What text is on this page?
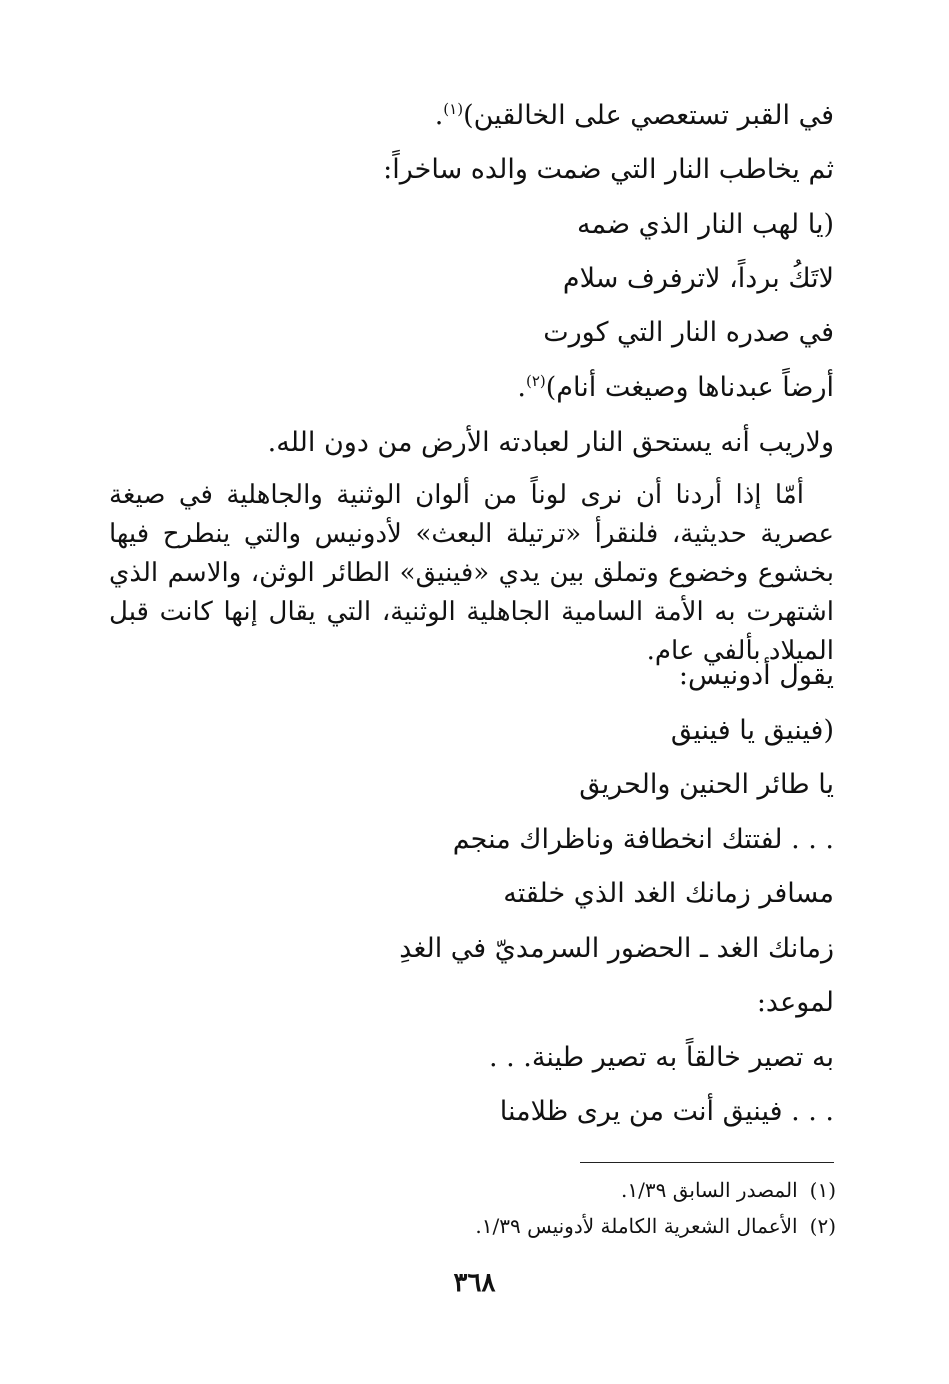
في القبر تستعصي على الخالقين)$^{(١)}$.
ثم يخاطب النار التي ضمت والده ساخراً:
(يا لهب النار الذي ضمه
لاتَكُ برداً، لاترفرف سلام
في صدره النار التي كورت
أرضاً عبدناها وصيغت أنام)$^{(٢)}$.
ولاريب أنه يستحق النار لعبادته الأرض من دون الله.
أمّا إذا أردنا أن نرى لوناً من ألوان الوثنية والجاهلية في صيغة عصرية حديثية، فلنقرأ «ترتيلة البعث» لأدونيس والتي ينطرح فيها بخشوع وخضوع وتملق بين يدي «فينيق» الطائر الوثن، والاسم الذي اشتهرت به الأمة السامية الجاهلية الوثنية، التي يقال إنها كانت قبل الميلاد بألفي عام.
يقول أدونيس:
(فينيق يا فينيق
يا طائر الحنين والحريق
. . . لفتتك انخطافة وناظراك منجم
مسافر زمانك الغد الذي خلقته
زمانك الغد ـ الحضور السرمديّ في الغدِ
لموعد:
به تصير خالقاً به تصير طينة. . .
. . . فينيق أنت من يرى ظلامنا
(١)المصدر السابق ١/٣٩.
(٢)الأعمال الشعرية الكاملة لأدونيس ١/٣٩.
٣٦٨
